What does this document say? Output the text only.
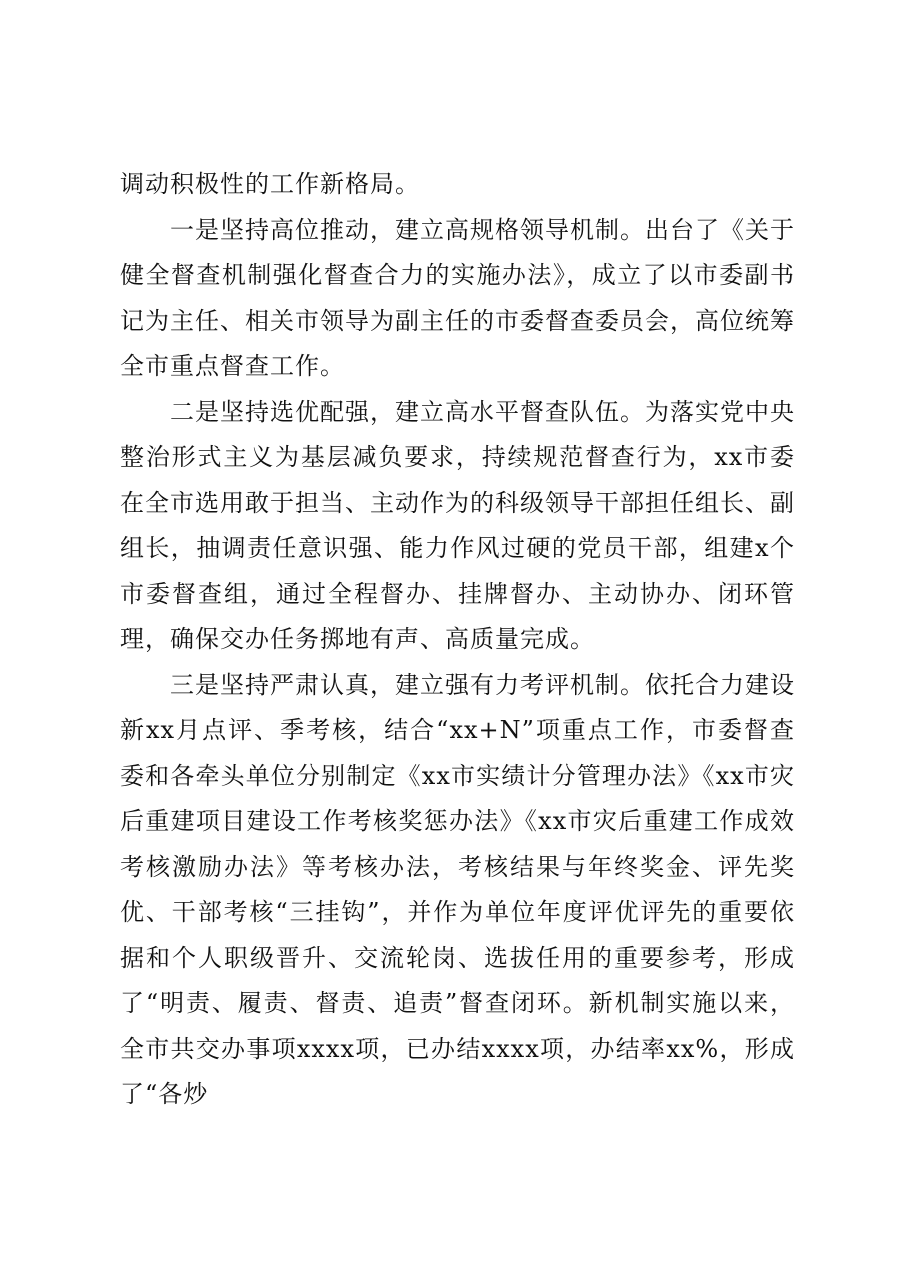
调动积极性的工作新格局。

一是坚持高位推动，建立高规格领导机制。出台了《关于健全督查机制强化督查合力的实施办法》，成立了以市委副书记为主任、相关市领导为副主任的市委督查委员会，高位统筹全市重点督查工作。

二是坚持选优配强，建立高水平督查队伍。为落实党中央整治形式主义为基层减负要求，持续规范督查行为，xx市委在全市选用敢于担当、主动作为的科级领导干部担任组长、副组长，抽调责任意识强、能力作风过硬的党员干部，组建x个市委督查组，通过全程督办、挂牌督办、主动协办、闭环管理，确保交办任务掷地有声、高质量完成。

三是坚持严肃认真，建立强有力考评机制。依托合力建设新xx月点评、季考核，结合“xx+N”项重点工作，市委督查委和各牵头单位分别制定《xx市实绩计分管理办法》《xx市灾后重建项目建设工作考核奖惩办法》《xx市灾后重建工作成效考核激励办法》等考核办法，考核结果与年终奖金、评先奖优、干部考核“三挂钩”，并作为单位年度评优评先的重要依据和个人职级晋升、交流轮岗、选拔任用的重要参考，形成了“明责、履责、督责、追责”督查闭环。新机制实施以来，全市共交办事项xxxx项，已办结xxxx项，办结率xx%，形成了“各炒
